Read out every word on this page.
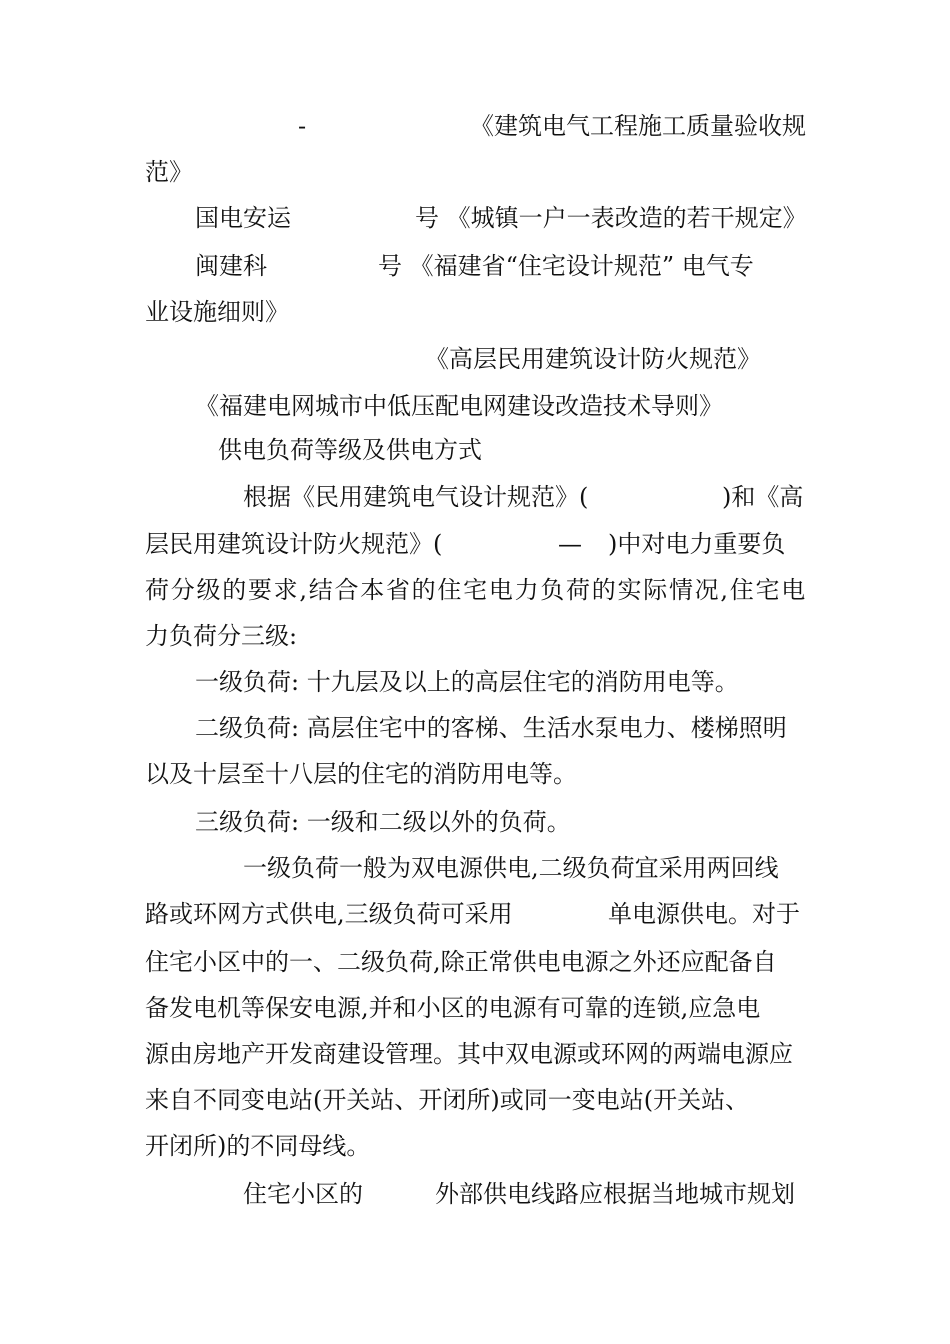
-	《建筑电气工程施工质量验收规
范》
国电安运	号 《城镇一户一表改造的若干规定》
闽建科	号 《福建省“住宅设计规范” 电气专
业设施细则》
《高层民用建筑设计防火规范》
《福建电网城市中低压配电网建设改造技术导则》
供电负荷等级及供电方式
根据《民用建筑电气设计规范》(	)和《高
层民用建筑设计防火规范》(	— )中对电力重要负
荷分级的要求,结合本省的住宅电力负荷的实际情况,住宅电
力负荷分三级:
一级负荷: 十九层及以上的高层住宅的消防用电等。
二级负荷: 高层住宅中的客梯、生活水泵电力、楼梯照明
以及十层至十八层的住宅的消防用电等。
三级负荷: 一级和二级以外的负荷。
一级负荷一般为双电源供电,二级负荷宜采用两回线
路或环网方式供电,三级负荷可采用	单电源供电。对于
住宅小区中的一、二级负荷,除正常供电电源之外还应配备自
备发电机等保安电源,并和小区的电源有可靠的连锁,应急电
源由房地产开发商建设管理。其中双电源或环网的两端电源应
来自不同变电站(开关站、开闭所)或同一变电站(开关站、
开闭所)的不同母线。
住宅小区的	外部供电线路应根据当地城市规划
